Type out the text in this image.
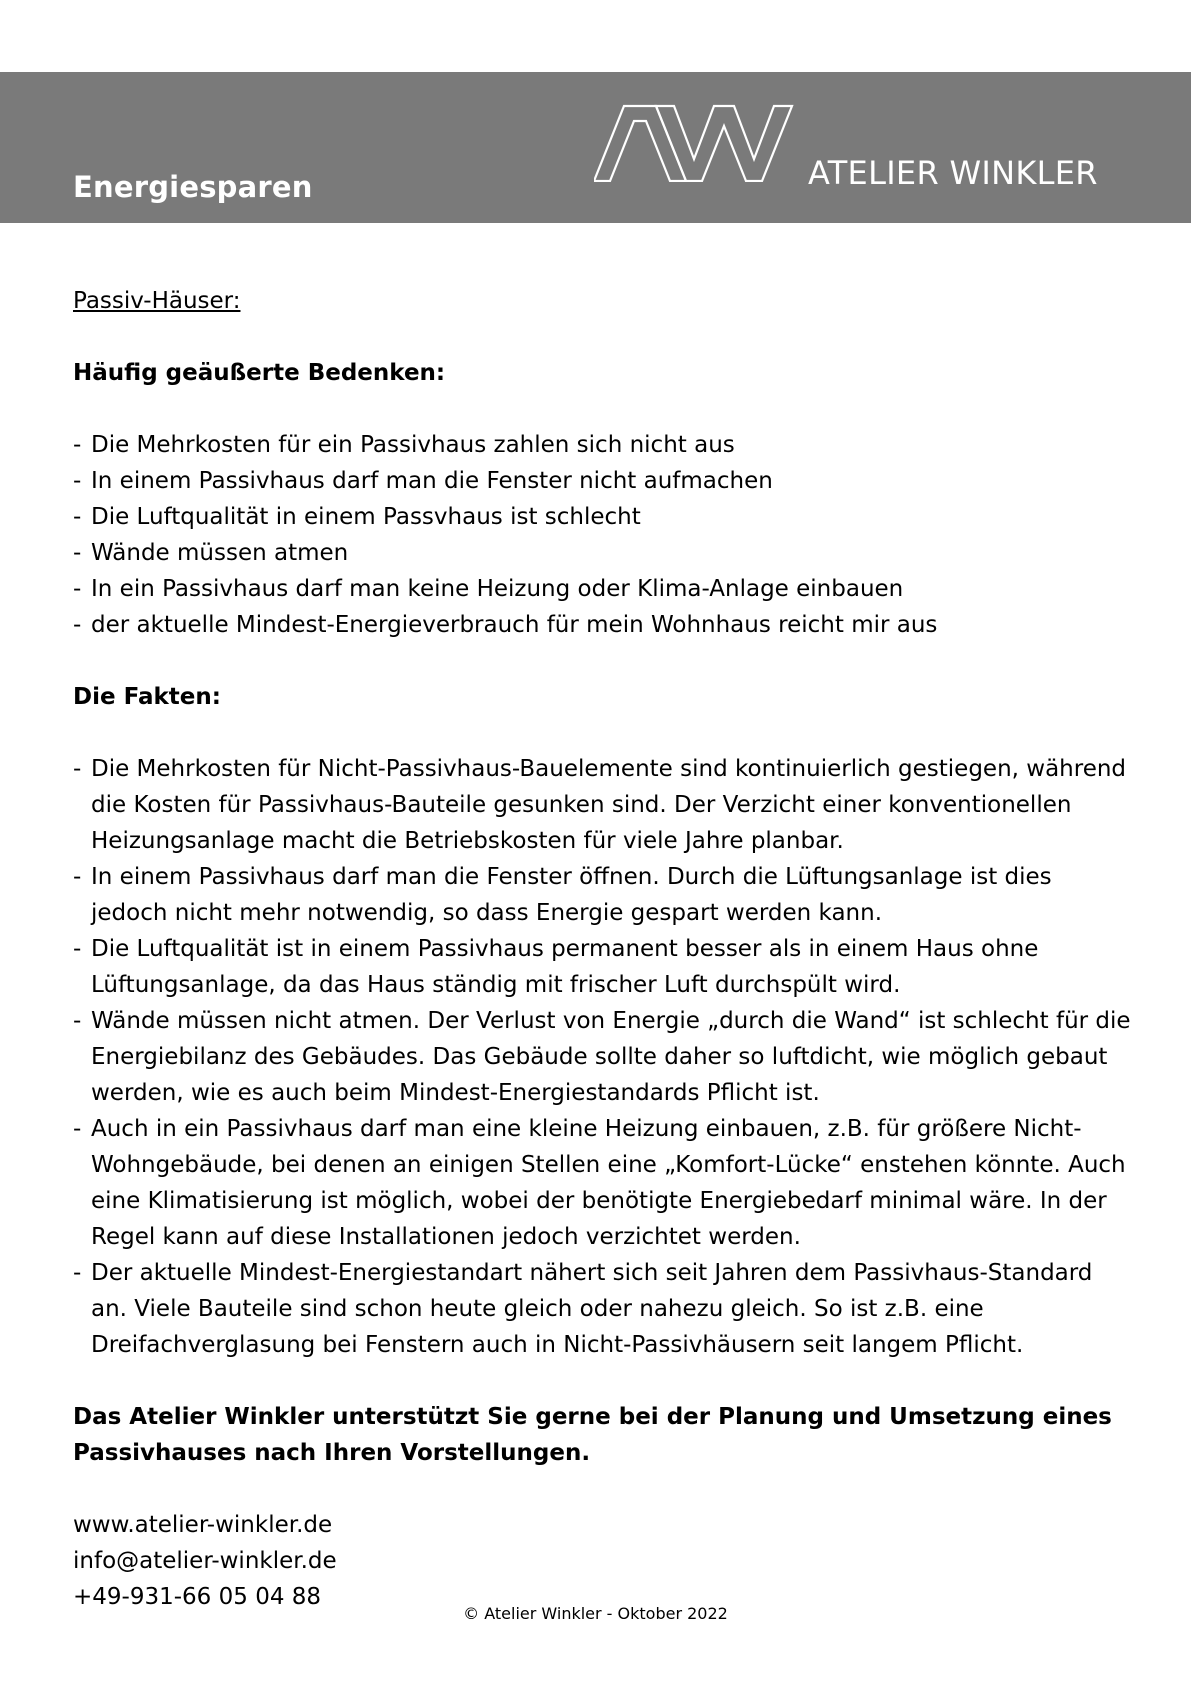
Energiesparen	ATELIER WINKLER

Passiv-Häuser:

Häufig geäußerte Bedenken:

- Die Mehrkosten für ein Passivhaus zahlen sich nicht aus
- In einem Passivhaus darf man die Fenster nicht aufmachen
- Die Luftqualität in einem Passvhaus ist schlecht
- Wände müssen atmen
- In ein Passivhaus darf man keine Heizung oder Klima-Anlage einbauen
- der aktuelle Mindest-Energieverbrauch für mein Wohnhaus reicht mir aus

Die Fakten:

- Die Mehrkosten für Nicht-Passivhaus-Bauelemente sind kontinuierlich gestiegen, während die Kosten für Passivhaus-Bauteile gesunken sind. Der Verzicht einer konventionellen Heizungsanlage macht die Betriebskosten für viele Jahre planbar.
- In einem Passivhaus darf man die Fenster öffnen. Durch die Lüftungsanlage ist dies jedoch nicht mehr notwendig, so dass Energie gespart werden kann.
- Die Luftqualität ist in einem Passivhaus permanent besser als in einem Haus ohne Lüftungsanlage, da das Haus ständig mit frischer Luft durchspült wird.
- Wände müssen nicht atmen. Der Verlust von Energie „durch die Wand“ ist schlecht für die Energiebilanz des Gebäudes. Das Gebäude sollte daher so luftdicht, wie möglich gebaut werden, wie es auch beim Mindest-Energiestandards Pflicht ist.
- Auch in ein Passivhaus darf man eine kleine Heizung einbauen, z.B. für größere Nicht-Wohngebäude, bei denen an einigen Stellen eine „Komfort-Lücke“ enstehen könnte. Auch eine Klimatisierung ist möglich, wobei der benötigte Energiebedarf minimal wäre. In der Regel kann auf diese Installationen jedoch verzichtet werden.
- Der aktuelle Mindest-Energiestandart nähert sich seit Jahren dem Passivhaus-Standard an. Viele Bauteile sind schon heute gleich oder nahezu gleich. So ist z.B. eine Dreifachverglasung bei Fenstern auch in Nicht-Passivhäusern seit langem Pflicht.

Das Atelier Winkler unterstützt Sie gerne bei der Planung und Umsetzung eines Passivhauses nach Ihren Vorstellungen.

www.atelier-winkler.de

info@atelier-winkler.de

+49-931-66 05 04 88

© Atelier Winkler - Oktober 2022
